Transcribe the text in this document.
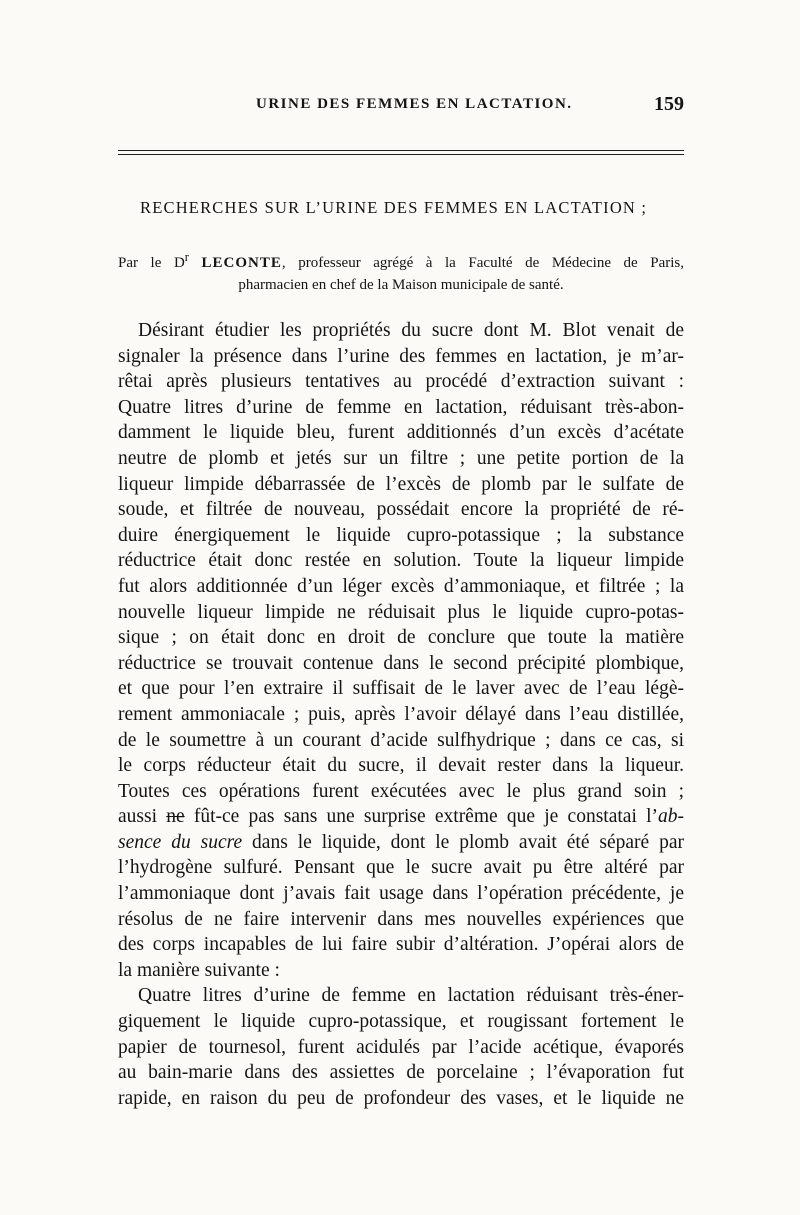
URINE DES FEMMES EN LACTATION.	159
RECHERCHES SUR L’URINE DES FEMMES EN LACTATION ;
Par le $D^r$ LECONTE, professeur agrégé à la Faculté de Médecine de Paris,
pharmacien en chef de la Maison municipale de santé.
Désirant étudier les propriétés du sucre dont M. Blot venait de
signaler la présence dans l’urine des femmes en lactation, je m’ar-
rêtai après plusieurs tentatives au procédé d’extraction suivant :
Quatre litres d’urine de femme en lactation, réduisant très-abon-
damment le liquide bleu, furent additionnés d’un excès d’acétate
neutre de plomb et jetés sur un filtre ; une petite portion de la
liqueur limpide débarrassée de l’excès de plomb par le sulfate de
soude, et filtrée de nouveau, possédait encore la propriété de ré-
duire énergiquement le liquide cupro-potassique ; la substance
réductrice était donc restée en solution. Toute la liqueur limpide
fut alors additionnée d’un léger excès d’ammoniaque, et filtrée ; la
nouvelle liqueur limpide ne réduisait plus le liquide cupro-potas-
sique ; on était donc en droit de conclure que toute la matière
réductrice se trouvait contenue dans le second précipité plombique,
et que pour l’en extraire il suffisait de le laver avec de l’eau légè-
rement ammoniacale ; puis, après l’avoir délayé dans l’eau distillée,
de le soumettre à un courant d’acide sulfhydrique ; dans ce cas, si
le corps réducteur était du sucre, il devait rester dans la liqueur.
Toutes ces opérations furent exécutées avec le plus grand soin ;
aussi ne fût-ce pas sans une surprise extrême que je constatai l’ab-
sence du sucre dans le liquide, dont le plomb avait été séparé par
l’hydrogène sulfuré. Pensant que le sucre avait pu être altéré par
l’ammoniaque dont j’avais fait usage dans l’opération précédente, je
résolus de ne faire intervenir dans mes nouvelles expériences que
des corps incapables de lui faire subir d’altération. J’opérai alors de
la manière suivante :
Quatre litres d’urine de femme en lactation réduisant très-éner-
giquement le liquide cupro-potassique, et rougissant fortement le
papier de tournesol, furent acidulés par l’acide acétique, évaporés
au bain-marie dans des assiettes de porcelaine ; l’évaporation fut
rapide, en raison du peu de profondeur des vases, et le liquide ne
